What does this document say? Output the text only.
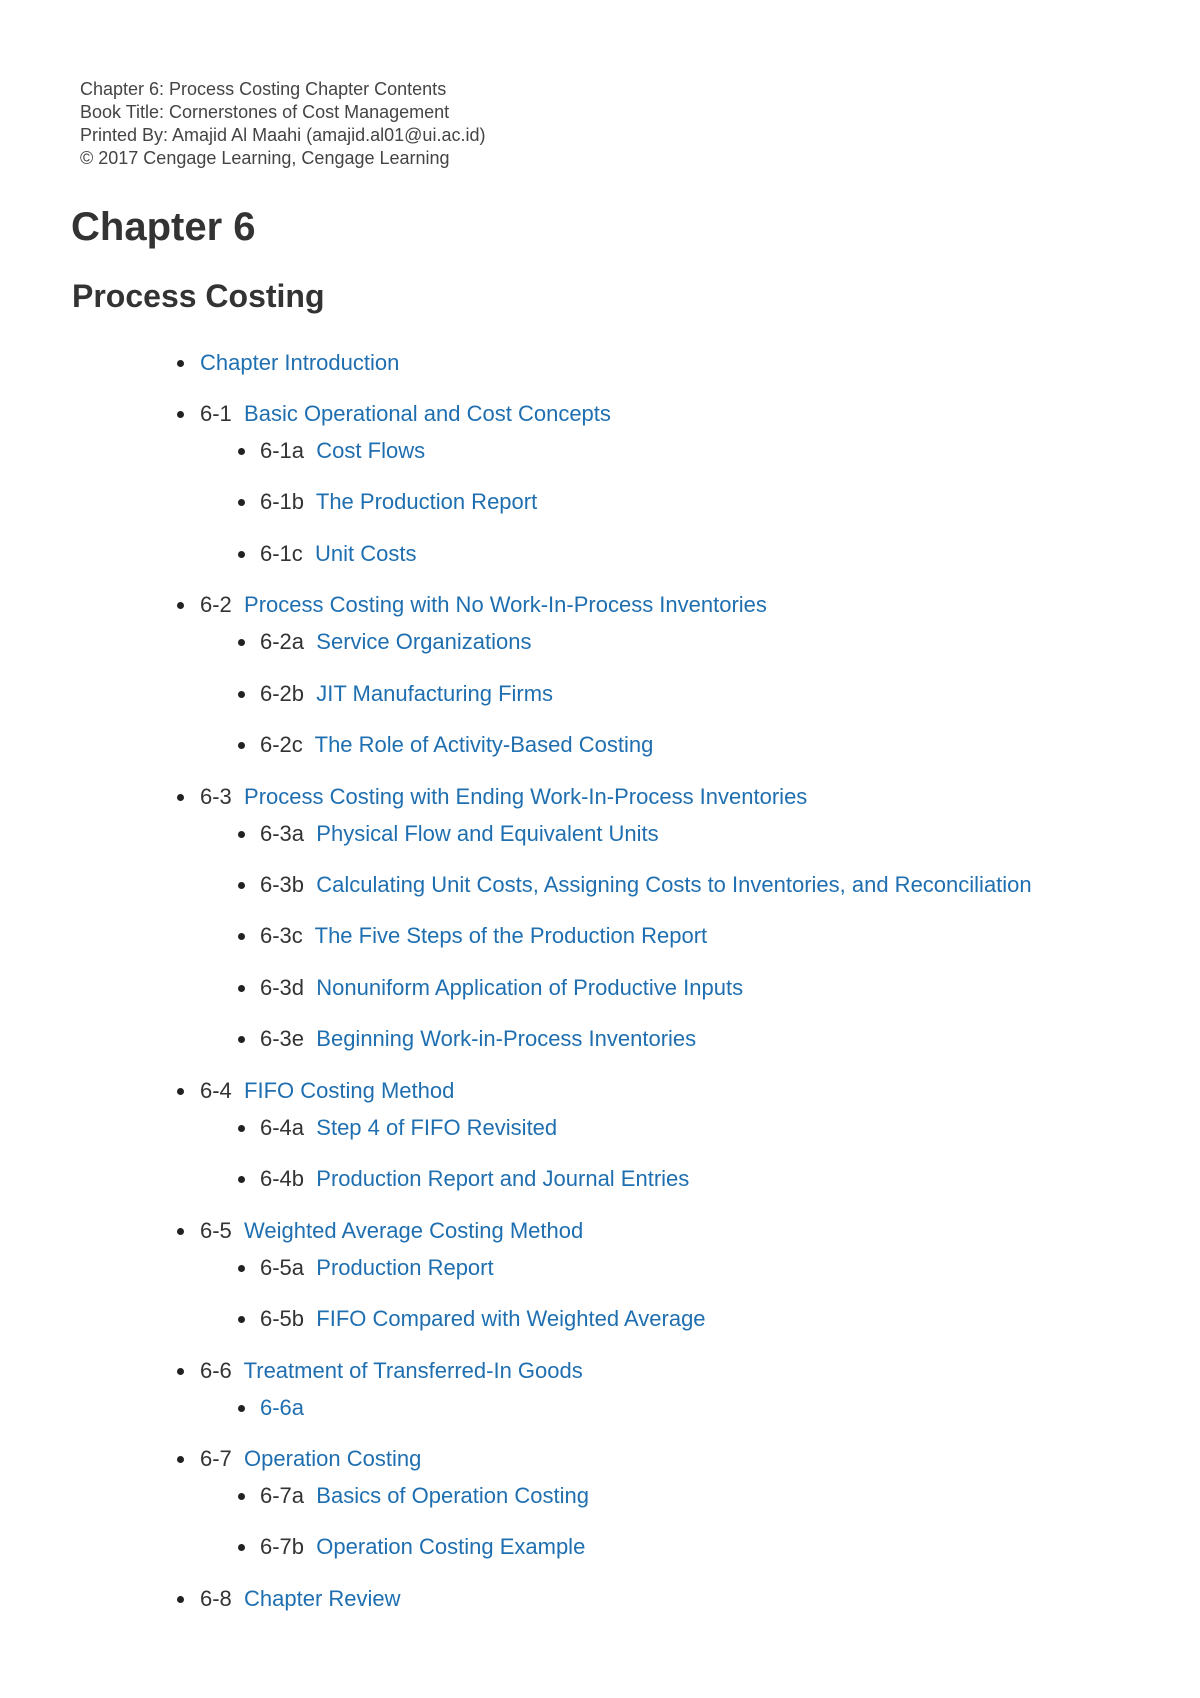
Chapter 6: Process Costing Chapter Contents
Book Title: Cornerstones of Cost Management
Printed By: Amajid Al Maahi (amajid.al01@ui.ac.id)
© 2017 Cengage Learning, Cengage Learning
Chapter 6
Process Costing
Chapter Introduction
6-1 Basic Operational and Cost Concepts
6-1a Cost Flows
6-1b The Production Report
6-1c Unit Costs
6-2 Process Costing with No Work-In-Process Inventories
6-2a Service Organizations
6-2b JIT Manufacturing Firms
6-2c The Role of Activity-Based Costing
6-3 Process Costing with Ending Work-In-Process Inventories
6-3a Physical Flow and Equivalent Units
6-3b Calculating Unit Costs, Assigning Costs to Inventories, and Reconciliation
6-3c The Five Steps of the Production Report
6-3d Nonuniform Application of Productive Inputs
6-3e Beginning Work-in-Process Inventories
6-4 FIFO Costing Method
6-4a Step 4 of FIFO Revisited
6-4b Production Report and Journal Entries
6-5 Weighted Average Costing Method
6-5a Production Report
6-5b FIFO Compared with Weighted Average
6-6 Treatment of Transferred-In Goods
6-6a
6-7 Operation Costing
6-7a Basics of Operation Costing
6-7b Operation Costing Example
6-8 Chapter Review
